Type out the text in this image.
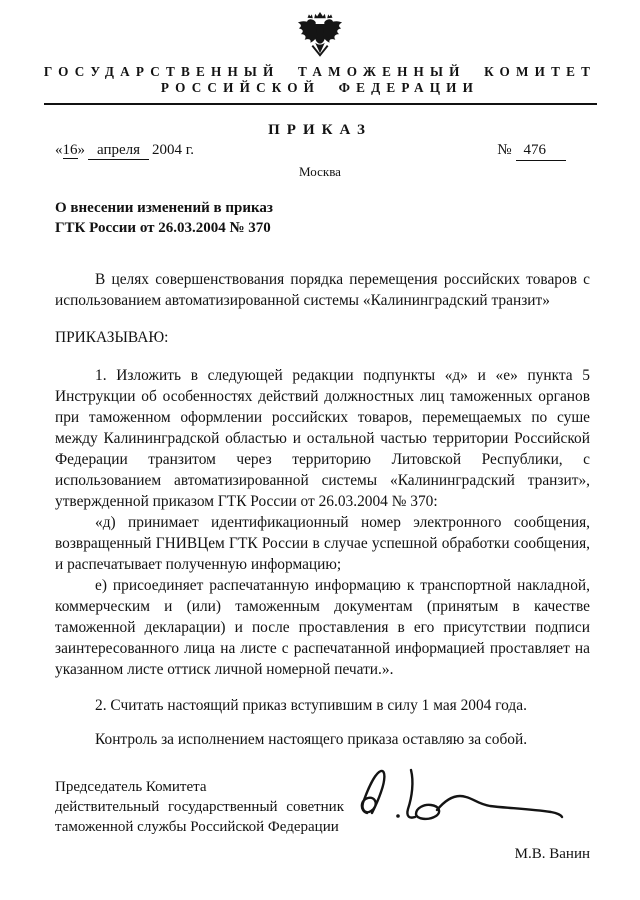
ГОСУДАРСТВЕННЫЙ ТАМОЖЕННЫЙ КОМИТЕТ
РОССИЙСКОЙ ФЕДЕРАЦИИ
ПРИКАЗ
«16» апреля 2004 г.	№ 476
Москва
О внесении изменений в приказ
ГТК России от 26.03.2004 № 370

В целях совершенствования порядка перемещения российских товаров с использованием автоматизированной системы «Калининградский транзит»

ПРИКАЗЫВАЮ:

1. Изложить в следующей редакции подпункты «д» и «е» пункта 5 Инструкции об особенностях действий должностных лиц таможенных органов при таможенном оформлении российских товаров, перемещаемых по суше между Калининградской областью и остальной частью территории Российской Федерации транзитом через территорию Литовской Республики, с использованием автоматизированной системы «Калининградский транзит», утвержденной приказом ГТК России от 26.03.2004 № 370:

«д) принимает идентификационный номер электронного сообщения, возвращенный ГНИВЦем ГТК России в случае успешной обработки сообщения, и распечатывает полученную информацию;

е) присоединяет распечатанную информацию к транспортной накладной, коммерческим и (или) таможенным документам (принятым в качестве таможенной декларации) и после проставления в его присутствии подписи заинтересованного лица на листе с распечатанной информацией проставляет на указанном листе оттиск личной номерной печати.».

2. Считать настоящий приказ вступившим в силу 1 мая 2004 года.

Контроль за исполнением настоящего приказа оставляю за собой.

Председатель Комитета
действительный государственный советник
таможенной службы Российской Федерации
М.В. Ванин
